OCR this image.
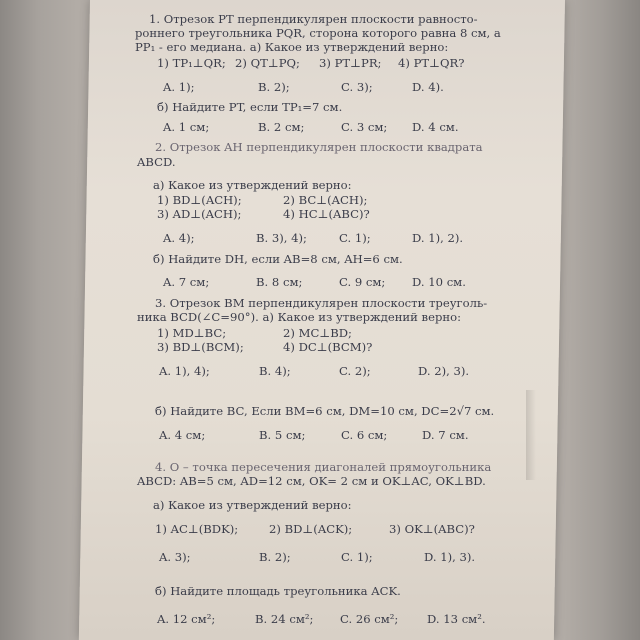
1. Отрезок PT перпендикулярен плоскости равносто-
роннего треугольника PQR, сторона которого равна 8 см, а
PP₁ - его медиана. а) Какое из утверждений верно:
1) TP₁⊥QR; 2) QT⊥PQ; 3) PT⊥PR; 4) PT⊥QR?
A. 1);	B. 2);	C. 3);	D. 4).
б) Найдите PT, если TP₁=7 см.
A. 1 см;	B. 2 см;	C. 3 см; D. 4 см.
2. Отрезок AH перпендикулярен плоскости квадрата
ABCD.
а) Какое из утверждений верно:
1) BD⊥(ACH);	2) BC⊥(ACH);
3) AD⊥(ACH);	4) HC⊥(ABC)?
A. 4);	B. 3), 4);	C. 1);	D. 1), 2).
б) Найдите DH, если AB=8 см, AH=6 см.
A. 7 см;	B. 8 см;	C. 9 см; D. 10 см.
3. Отрезок BM перпендикулярен плоскости треуголь-
ника BCD(∠C=90°). а) Какое из утверждений верно:
1) MD⊥BC;	2) MC⊥BD;
3) BD⊥(BCM);	4) DC⊥(BCM)?
A. 1), 4);	B. 4);	C. 2);	D. 2), 3).
б) Найдите BC, Если BM=6 см, DM=10 см, DC=2√7 см.
A. 4 см;	B. 5 см;	C. 6 см;	D. 7 см.
4. O – точка пересечения диагоналей прямоугольника
ABCD: AB=5 см, AD=12 см, OK= 2 см и OK⊥AC, OK⊥BD.
а) Какое из утверждений верно:
1) AC⊥(BDK);	2) BD⊥(ACK);	3) OK⊥(ABC)?
A. 3);	B. 2);	C. 1);	D. 1), 3).
б) Найдите площадь треугольника ACK.
A. 12 см²;	B. 24 см²; C. 26 см²; D. 13 см².
